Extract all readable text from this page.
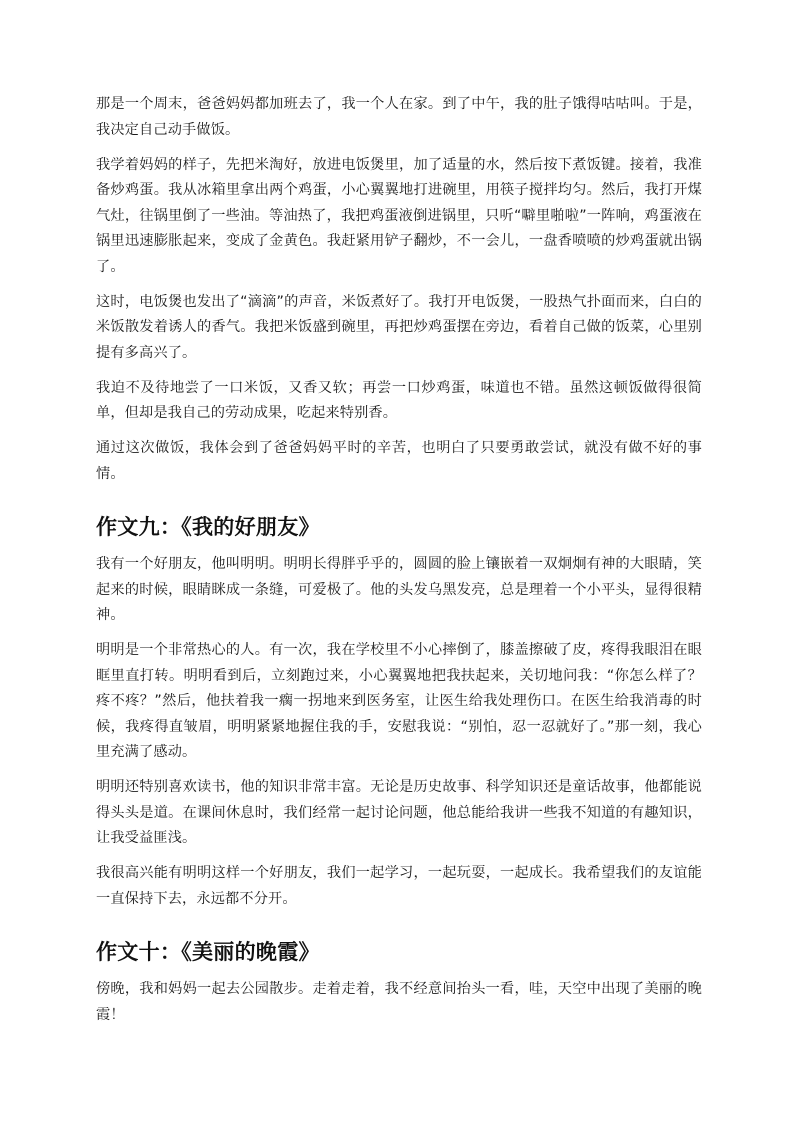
那是一个周末，爸爸妈妈都加班去了，我一个人在家。到了中午，我的肚子饿得咕咕叫。于是，我决定自己动手做饭。

我学着妈妈的样子，先把米淘好，放进电饭煲里，加了适量的水，然后按下煮饭键。接着，我准备炒鸡蛋。我从冰箱里拿出两个鸡蛋，小心翼翼地打进碗里，用筷子搅拌均匀。然后，我打开煤气灶，往锅里倒了一些油。等油热了，我把鸡蛋液倒进锅里，只听“噼里啪啦”一阵响，鸡蛋液在锅里迅速膨胀起来，变成了金黄色。我赶紧用铲子翻炒，不一会儿，一盘香喷喷的炒鸡蛋就出锅了。

这时，电饭煲也发出了“滴滴”的声音，米饭煮好了。我打开电饭煲，一股热气扑面而来，白白的米饭散发着诱人的香气。我把米饭盛到碗里，再把炒鸡蛋摆在旁边，看着自己做的饭菜，心里别提有多高兴了。

我迫不及待地尝了一口米饭，又香又软；再尝一口炒鸡蛋，味道也不错。虽然这顿饭做得很简单，但却是我自己的劳动成果，吃起来特别香。

通过这次做饭，我体会到了爸爸妈妈平时的辛苦，也明白了只要勇敢尝试，就没有做不好的事情。

作文九：《我的好朋友》

我有一个好朋友，他叫明明。明明长得胖乎乎的，圆圆的脸上镶嵌着一双炯炯有神的大眼睛，笑起来的时候，眼睛眯成一条缝，可爱极了。他的头发乌黑发亮，总是理着一个小平头，显得很精神。

明明是一个非常热心的人。有一次，我在学校里不小心摔倒了，膝盖擦破了皮，疼得我眼泪在眼眶里直打转。明明看到后，立刻跑过来，小心翼翼地把我扶起来，关切地问我：“你怎么样了？疼不疼？”然后，他扶着我一瘸一拐地来到医务室，让医生给我处理伤口。在医生给我消毒的时候，我疼得直皱眉，明明紧紧地握住我的手，安慰我说：“别怕，忍一忍就好了。”那一刻，我心里充满了感动。

明明还特别喜欢读书，他的知识非常丰富。无论是历史故事、科学知识还是童话故事，他都能说得头头是道。在课间休息时，我们经常一起讨论问题，他总能给我讲一些我不知道的有趣知识，让我受益匪浅。

我很高兴能有明明这样一个好朋友，我们一起学习，一起玩耍，一起成长。我希望我们的友谊能一直保持下去，永远都不分开。

作文十：《美丽的晚霞》

傍晚，我和妈妈一起去公园散步。走着走着，我不经意间抬头一看，哇，天空中出现了美丽的晚霞！
